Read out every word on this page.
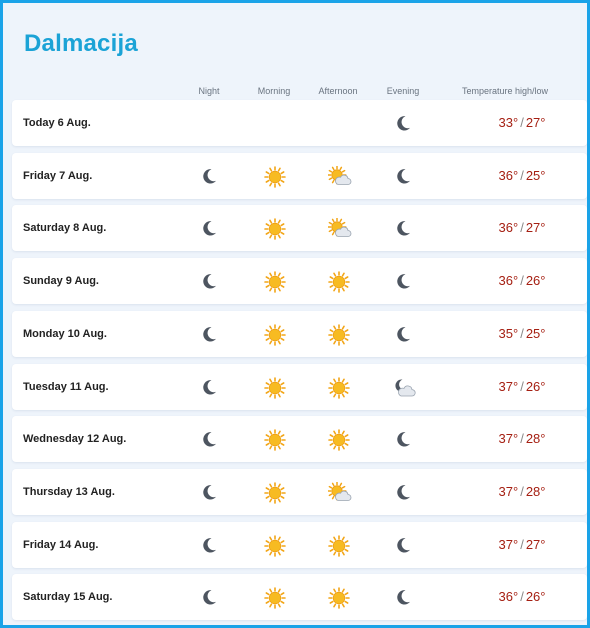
Dalmacija
Night	Morning	Afternoon	Evening	Temperature high/low
Today 6 Aug.	33° / 27°
Friday 7 Aug.	36° / 25°
Saturday 8 Aug.	36° / 27°
Sunday 9 Aug.	36° / 26°
Monday 10 Aug.	35° / 25°
Tuesday 11 Aug.	37° / 26°
Wednesday 12 Aug.	37° / 28°
Thursday 13 Aug.	37° / 28°
Friday 14 Aug.	37° / 27°
Saturday 15 Aug.	36° / 26°
